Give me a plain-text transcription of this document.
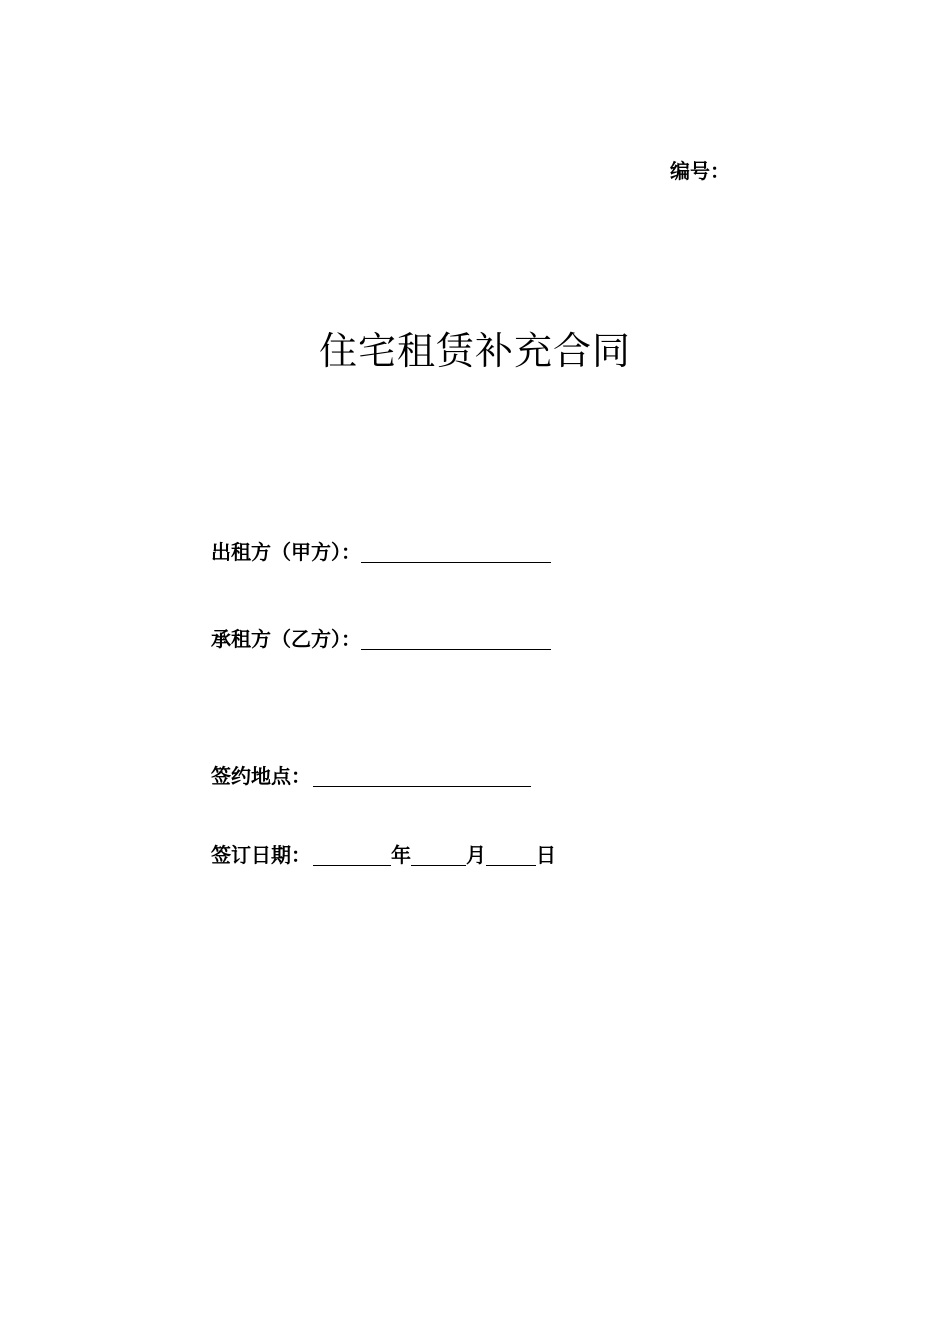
编号：
住宅租赁补充合同
出租方（甲方）：
承租方（乙方）：
签约地点：
签订日期：	年	月	日
